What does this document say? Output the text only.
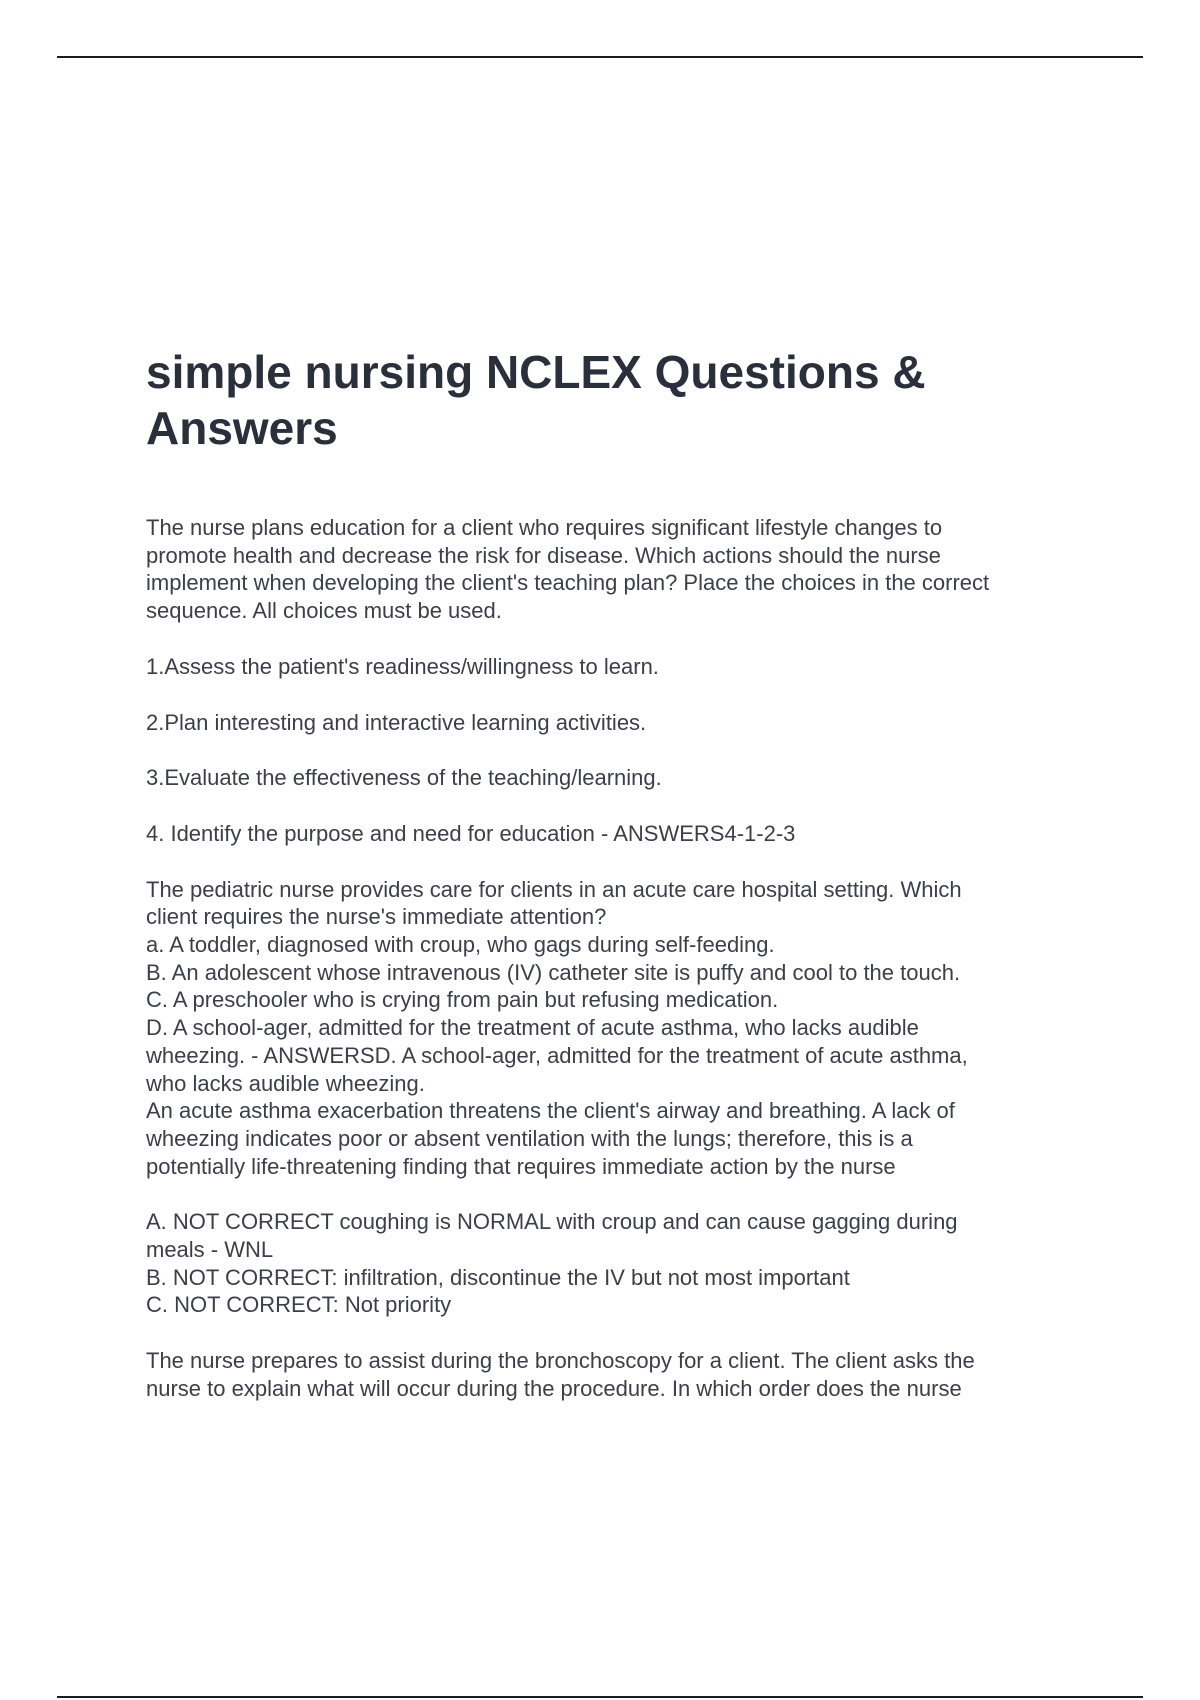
simple nursing NCLEX Questions & Answers

The nurse plans education for a client who requires significant lifestyle changes to
promote health and decrease the risk for disease. Which actions should the nurse
implement when developing the client's teaching plan? Place the choices in the correct
sequence. All choices must be used.

1.Assess the patient's readiness/willingness to learn.

2.Plan interesting and interactive learning activities.

3.Evaluate the effectiveness of the teaching/learning.

4. Identify the purpose and need for education - ANSWERS4-1-2-3

The pediatric nurse provides care for clients in an acute care hospital setting. Which
client requires the nurse's immediate attention?
a. A toddler, diagnosed with croup, who gags during self-feeding.
B. An adolescent whose intravenous (IV) catheter site is puffy and cool to the touch.
C. A preschooler who is crying from pain but refusing medication.
D. A school-ager, admitted for the treatment of acute asthma, who lacks audible
wheezing. - ANSWERSD. A school-ager, admitted for the treatment of acute asthma,
who lacks audible wheezing.
An acute asthma exacerbation threatens the client's airway and breathing. A lack of
wheezing indicates poor or absent ventilation with the lungs; therefore, this is a
potentially life-threatening finding that requires immediate action by the nurse

A. NOT CORRECT coughing is NORMAL with croup and can cause gagging during
meals - WNL
B. NOT CORRECT: infiltration, discontinue the IV but not most important
C. NOT CORRECT: Not priority

The nurse prepares to assist during the bronchoscopy for a client. The client asks the
nurse to explain what will occur during the procedure. In which order does the nurse
